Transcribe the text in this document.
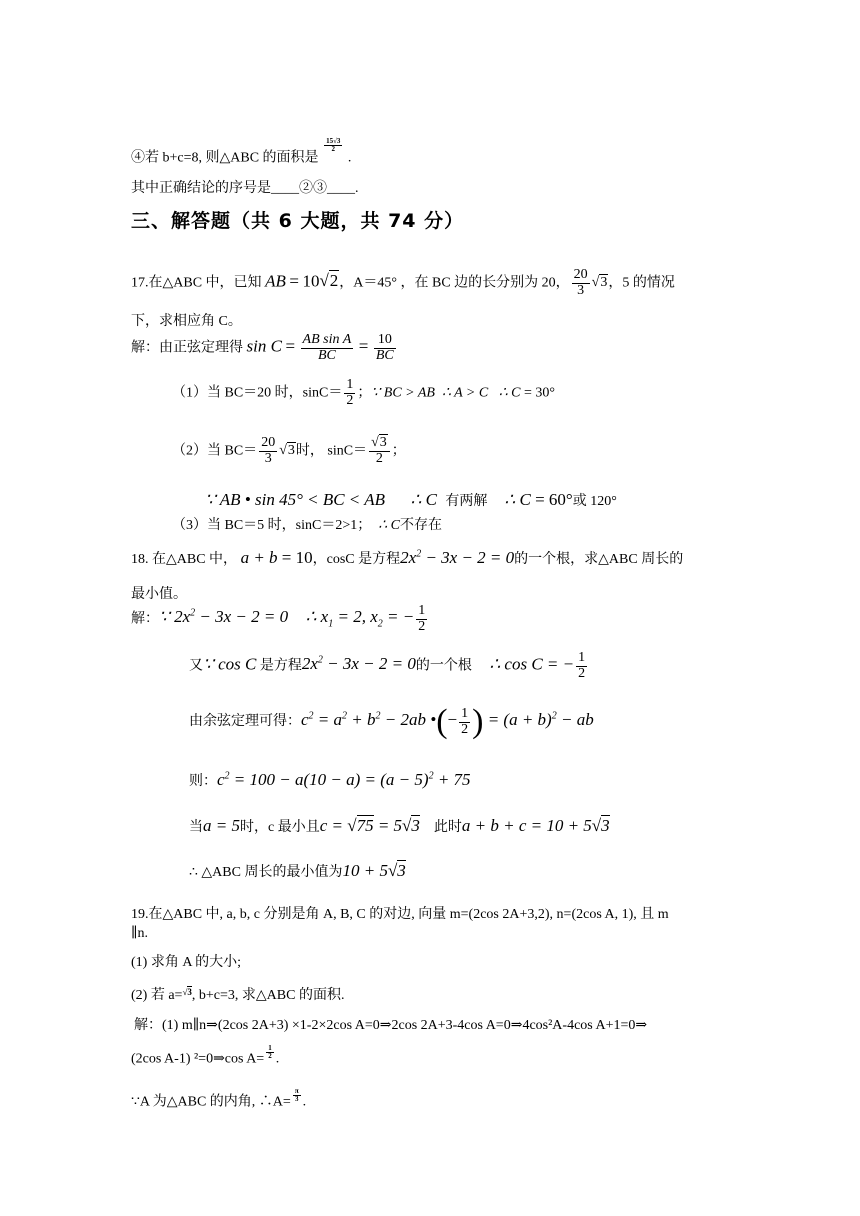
④若 b+c=8, 则△ABC 的面积是
$\frac{15√3}{2}$
.
其中正确结论的序号是____②③____.
三、解答题（共 6 大题，共 74 分）
17.在△ABC 中，已知 AB = 10√2，A＝45° ，在 BC 边的长分别为 20， $\frac{20}{3} √3$，5 的情况
下，求相应角 C。
解：由正弦定理得 $\sin C = \frac{\text{AB sin A}}{BC} = \frac{10}{BC}$
（1）当 BC＝20 时，$\sin C= \frac{1}{2}$ ；∵ BC > AB ∴ A > C ∴ C = 30°
（2）当 $BC= \frac{20}{3} √3$时， $\sin C= \frac{√3}{2}$ ；
∵ AB • sin 45° < BC < AB ∴ C 有两解 ∴ C = 60°或 120°
（3）当 BC＝5 时，sinC＝2>1； ∴ C不存在
18. 在△ABC 中， a + b = 10，cosC 是方程$2x^2 - 3x - 2 = 0$的一个根，求△ABC 周长的
最小值。
解：∵ $2x^2 - 3x - 2 = 0$ ∴ $x_1 = 2$, $x_2$ = − $\frac{1}{2}$
又∵ cos C 是方程$2x^2 - 3x - 2 = 0$的一个根 ∴ cos C = − $\frac{1}{2}$
由余弦定理可得：$c^2 = a^2 + b^2 - 2ab$ •(− $\frac{1}{2}$ ) = $(a + b)^2$ − ab
则：$c^2 = 100 - a(10 - a) = (a - 5)^2 + 75$
当a = 5时，c 最小且c = √75 = 5√3 此时a + b + c = 10 + 5√3
∴ △ABC 周长的最小值为10 + 5√3
19.在△ABC 中, a, b, c 分别是角 A, B, C 的对边, 向量 m=(2cos 2A+3,2), n=(2cos A, 1), 且 m
∥n.
(1) 求角 A 的大小;
(2) 若 a=$^{√3}$, b+c=3, 求△ABC 的面积.
解：(1) m∥n⇒(2cos 2A+3) ×1-2×2cos A=0⇒2cos 2A+3-4cos A=0⇒4cos²A-4cos A+1=0⇒
(2cos A-1) ²=0⇒cos $A= \frac{1}{2}$ .
∵A 为△ABC 的内角, ∴A= $\frac{\pi}{3}$ .
